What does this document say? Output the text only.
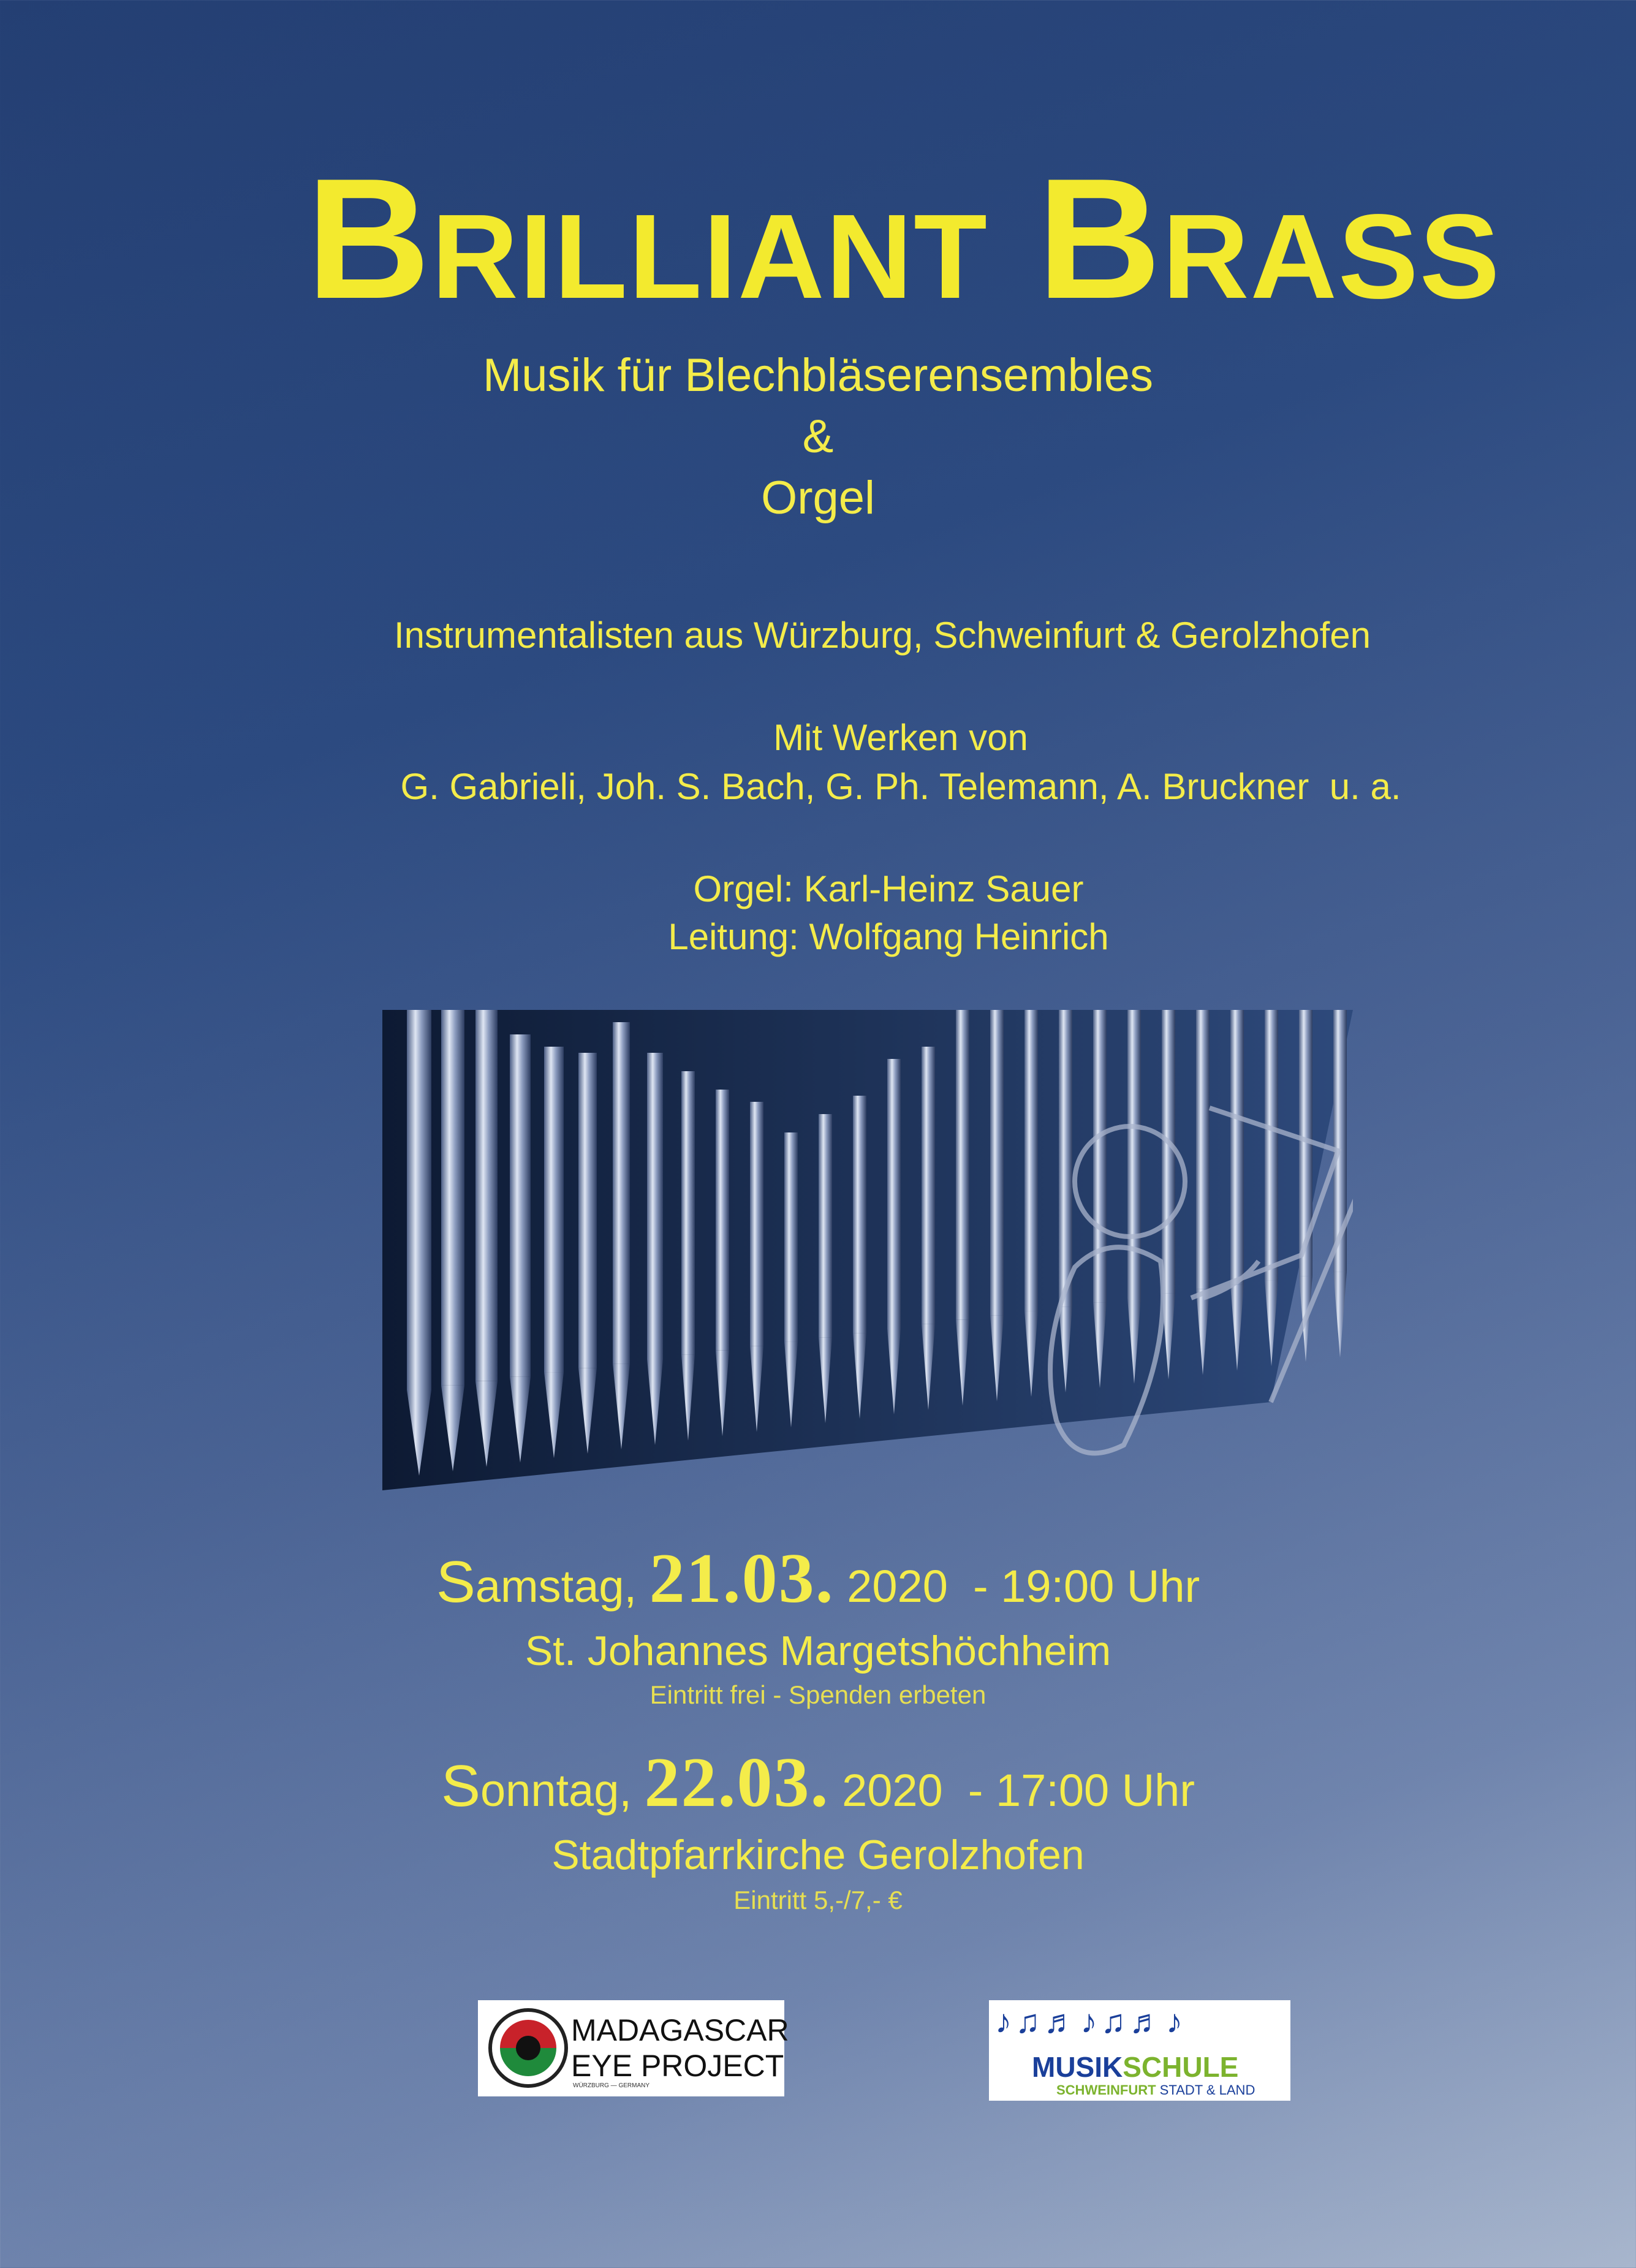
Brilliant Brass
Musik für Blechbläserensembles
&
Orgel
Instrumentalisten aus Würzburg, Schweinfurt & Gerolzhofen
Mit Werken von
G. Gabrieli, Joh. S. Bach, G. Ph. Telemann, A. Bruckner  u. a.
Orgel: Karl-Heinz Sauer
Leitung: Wolfgang Heinrich
Samstag, 21.03. 2020  - 19:00 Uhr
St. Johannes Margetshöchheim
Eintritt frei - Spenden erbeten
Sonntag, 22.03. 2020  - 17:00 Uhr
Stadtpfarrkirche Gerolzhofen
Eintritt 5,-/7,- €
MADAGASCAR
EYE PROJECT
WÜRZBURG — GERMANY
♪♫♬♪♫♬♪
MUSIKSCHULE
SCHWEINFURT STADT & LAND
